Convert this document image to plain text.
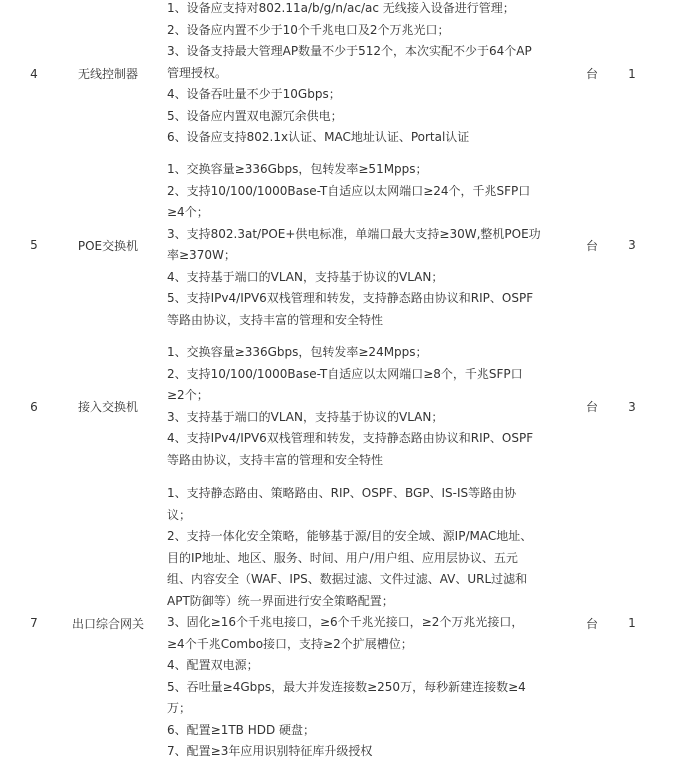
4	无线控制器
1、设备应支持对802.11a/b/g/n/ac/ac 无线接入设备进行管理；
2、设备应内置不少于10个千兆电口及2个万兆光口；
3、设备支持最大管理AP数量不少于512个，本次实配不少于64个AP
管理授权。
4、设备吞吐量不少于10Gbps；
5、设备应内置双电源冗余供电；
6、设备应支持802.1x认证、MAC地址认证、Portal认证
台	1
5	POE交换机
1、交换容量≥336Gbps，包转发率≥51Mpps；
2、支持10/100/1000Base-T自适应以太网端口≥24个，千兆SFP口
≥4个；
3、支持802.3at/POE+供电标准，单端口最大支持≥30W,整机POE功
率≥370W；
4、支持基于端口的VLAN，支持基于协议的VLAN；
5、支持IPv4/IPV6双栈管理和转发，支持静态路由协议和RIP、OSPF
等路由协议，支持丰富的管理和安全特性
台	3
6	接入交换机
1、交换容量≥336Gbps，包转发率≥24Mpps；
2、支持10/100/1000Base-T自适应以太网端口≥8个，千兆SFP口
≥2个；
3、支持基于端口的VLAN，支持基于协议的VLAN；
4、支持IPv4/IPV6双栈管理和转发，支持静态路由协议和RIP、OSPF
等路由协议，支持丰富的管理和安全特性
台	3
7	出口综合网关
1、支持静态路由、策略路由、RIP、OSPF、BGP、IS-IS等路由协
议；
2、支持一体化安全策略，能够基于源/目的安全域、源IP/MAC地址、
目的IP地址、地区、服务、时间、用户/用户组、应用层协议、五元
组、内容安全（WAF、IPS、数据过滤、文件过滤、AV、URL过滤和
APT防御等）统一界面进行安全策略配置；
3、固化≥16个千兆电接口，≥6个千兆光接口，≥2个万兆光接口，
≥4个千兆Combo接口，支持≥2个扩展槽位；
4、配置双电源；
5、吞吐量≥4Gbps，最大并发连接数≥250万，每秒新建连接数≥4
万；
6、配置≥1TB HDD 硬盘；
7、配置≥3年应用识别特征库升级授权
台	1
